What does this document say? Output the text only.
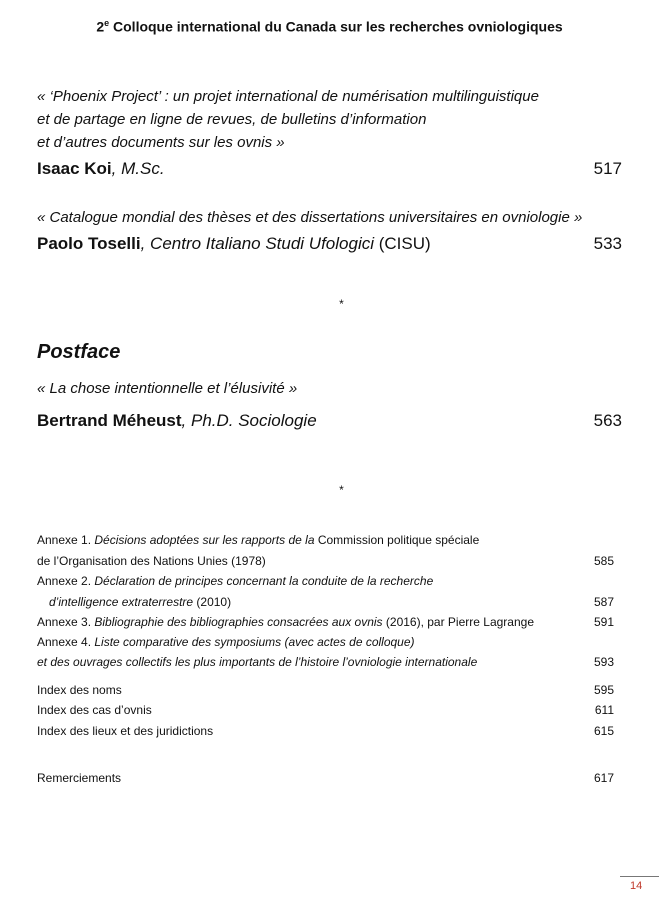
2e Colloque international du Canada sur les recherches ovniologiques
« ‘Phoenix Project’ : un projet international de numérisation multilinguistique
et de partage en ligne de revues, de bulletins d’information
et d’autres documents sur les ovnis »
Isaac Koi, M.Sc.	517
« Catalogue mondial des thèses et des dissertations universitaires en ovniologie »
Paolo Toselli, Centro Italiano Studi Ufologici (CISU)	533
*
Postface
« La chose intentionnelle et l’élusivité »
Bertrand Méheust, Ph.D. Sociologie	563
*
Annexe 1. Décisions adoptées sur les rapports de la Commission politique spéciale
de l’Organisation des Nations Unies (1978)	585
Annexe 2. Déclaration de principes concernant la conduite de la recherche
d’intelligence extraterrestre (2010)	587
Annexe 3. Bibliographie des bibliographies consacrées aux ovnis (2016), par Pierre Lagrange	591
Annexe 4. Liste comparative des symposiums (avec actes de colloque)
et des ouvrages collectifs les plus importants de l’histoire l’ovniologie internationale	593
Index des noms	595
Index des cas d’ovnis	611
Index des lieux et des juridictions	615
Remerciements	617
14
